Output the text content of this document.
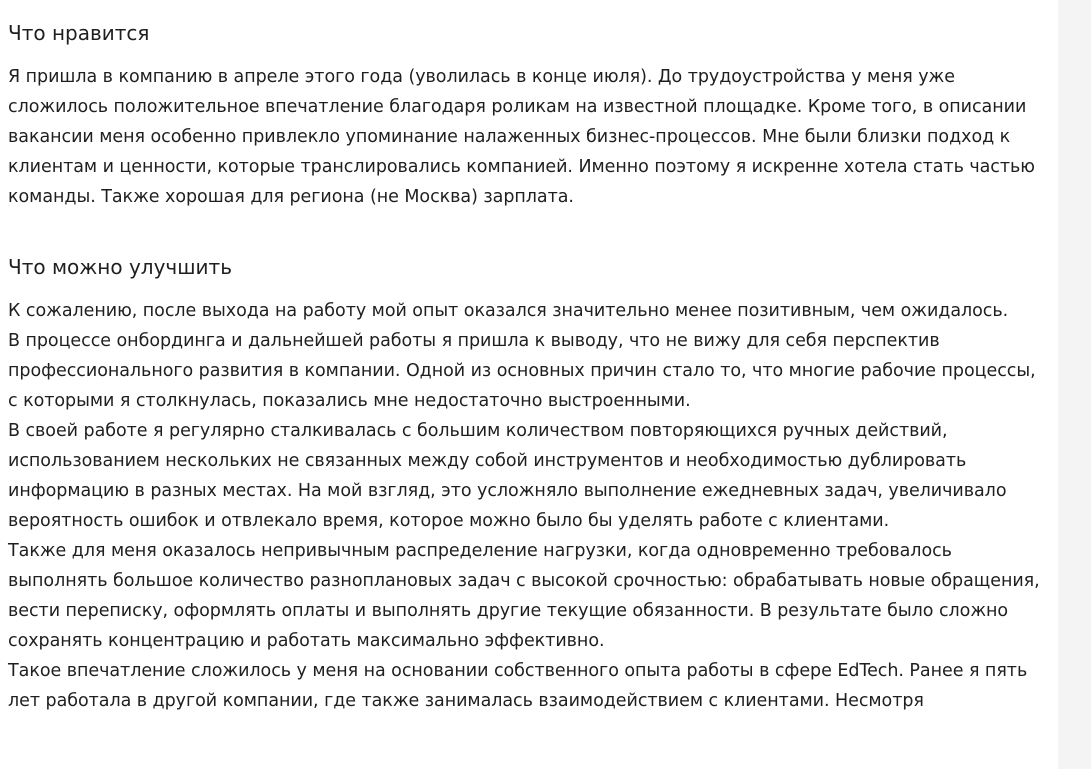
Что нравится

Я пришла в компанию в апреле этого года (уволилась в конце июля). До трудоустройства у меня уже сложилось положительное впечатление благодаря роликам на известной площадке. Кроме того, в описании вакансии меня особенно привлекло упоминание налаженных бизнес-процессов. Мне были близки подход к клиентам и ценности, которые транслировались компанией. Именно поэтому я искренне хотела стать частью команды. Также хорошая для региона (не Москва) зарплата.

Что можно улучшить

К сожалению, после выхода на работу мой опыт оказался значительно менее позитивным, чем ожидалось.

В процессе онбординга и дальнейшей работы я пришла к выводу, что не вижу для себя перспектив профессионального развития в компании. Одной из основных причин стало то, что многие рабочие процессы, с которыми я столкнулась, показались мне недостаточно выстроенными.

В своей работе я регулярно сталкивалась с большим количеством повторяющихся ручных действий, использованием нескольких не связанных между собой инструментов и необходимостью дублировать информацию в разных местах. На мой взгляд, это усложняло выполнение ежедневных задач, увеличивало вероятность ошибок и отвлекало время, которое можно было бы уделять работе с клиентами.

Также для меня оказалось непривычным распределение нагрузки, когда одновременно требовалось выполнять большое количество разноплановых задач с высокой срочностью: обрабатывать новые обращения, вести переписку, оформлять оплаты и выполнять другие текущие обязанности. В результате было сложно сохранять концентрацию и работать максимально эффективно.

Такое впечатление сложилось у меня на основании собственного опыта работы в сфере EdTech. Ранее я пять лет работала в другой компании, где также занималась взаимодействием с клиентами. Несмотря
